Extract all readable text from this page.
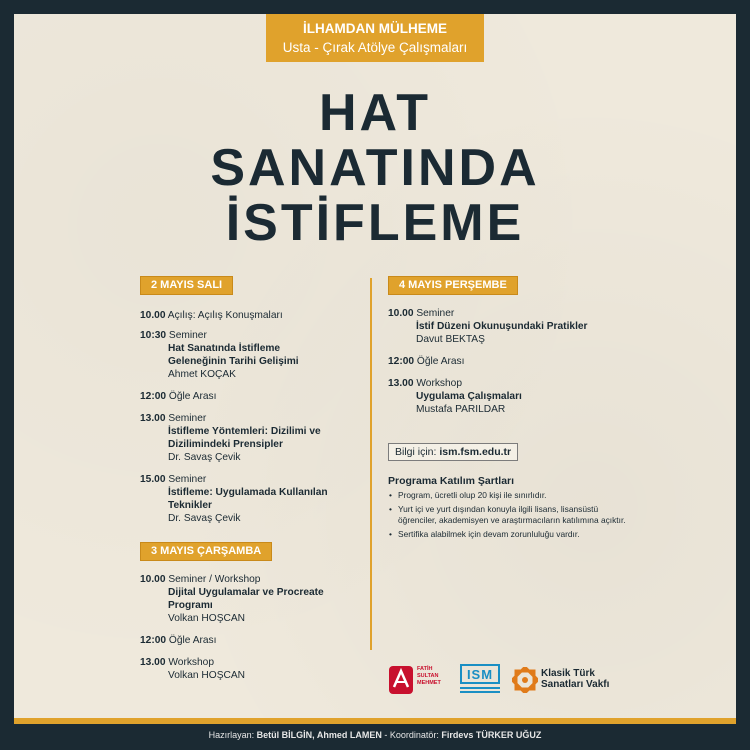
İLHAMDAN MÜLHEME
Usta - Çırak Atölye Çalışmaları
HAT
SANATINDA
İSTİFLEME
2 MAYIS SALI
10.00 Açılış: Açılış Konuşmaları
10:30 Seminer
Hat Sanatında İstifleme
Geleneğinin Tarihi Gelişimi
Ahmet KOÇAK
12:00 Öğle Arası
13.00 Seminer
İstifleme Yöntemleri: Dizilimi ve
Dizilimindeki Prensipler
Dr. Savaş Çevik
15.00 Seminer
İstifleme: Uygulamada Kullanılan
Teknikler
Dr. Savaş Çevik
3 MAYIS ÇARŞAMBA
10.00 Seminer / Workshop
Dijital Uygulamalar ve Procreate
Programı
Volkan HOŞCAN
12:00 Öğle Arası
13.00 Workshop
Volkan HOŞCAN
4 MAYIS PERŞEMBE
10.00 Seminer
İstif Düzeni Okunuşundaki Pratikler
Davut BEKTAŞ
12:00 Öğle Arası
13.00 Workshop
Uygulama Çalışmaları
Mustafa PARILDAR
Bilgi için: ism.fsm.edu.tr
Programa Katılım Şartları
• Program, ücretli olup 20 kişi ile sınırlıdır.
• Yurt içi ve yurt dışından konuyla ilgili lisans, lisansüstü öğrenciler, akademisyen ve araştırmacıların katılımına açıktır.
• Sertifika alabilmek için devam zorunluluğu vardır.
FATİH
SULTAN
MEHMET
ISM	Klasik Türk
Sanatları Vakfı
Hazırlayan: Betül BİLGİN, Ahmed LAMEN - Koordinatör: Firdevs TÜRKER UĞUZ
